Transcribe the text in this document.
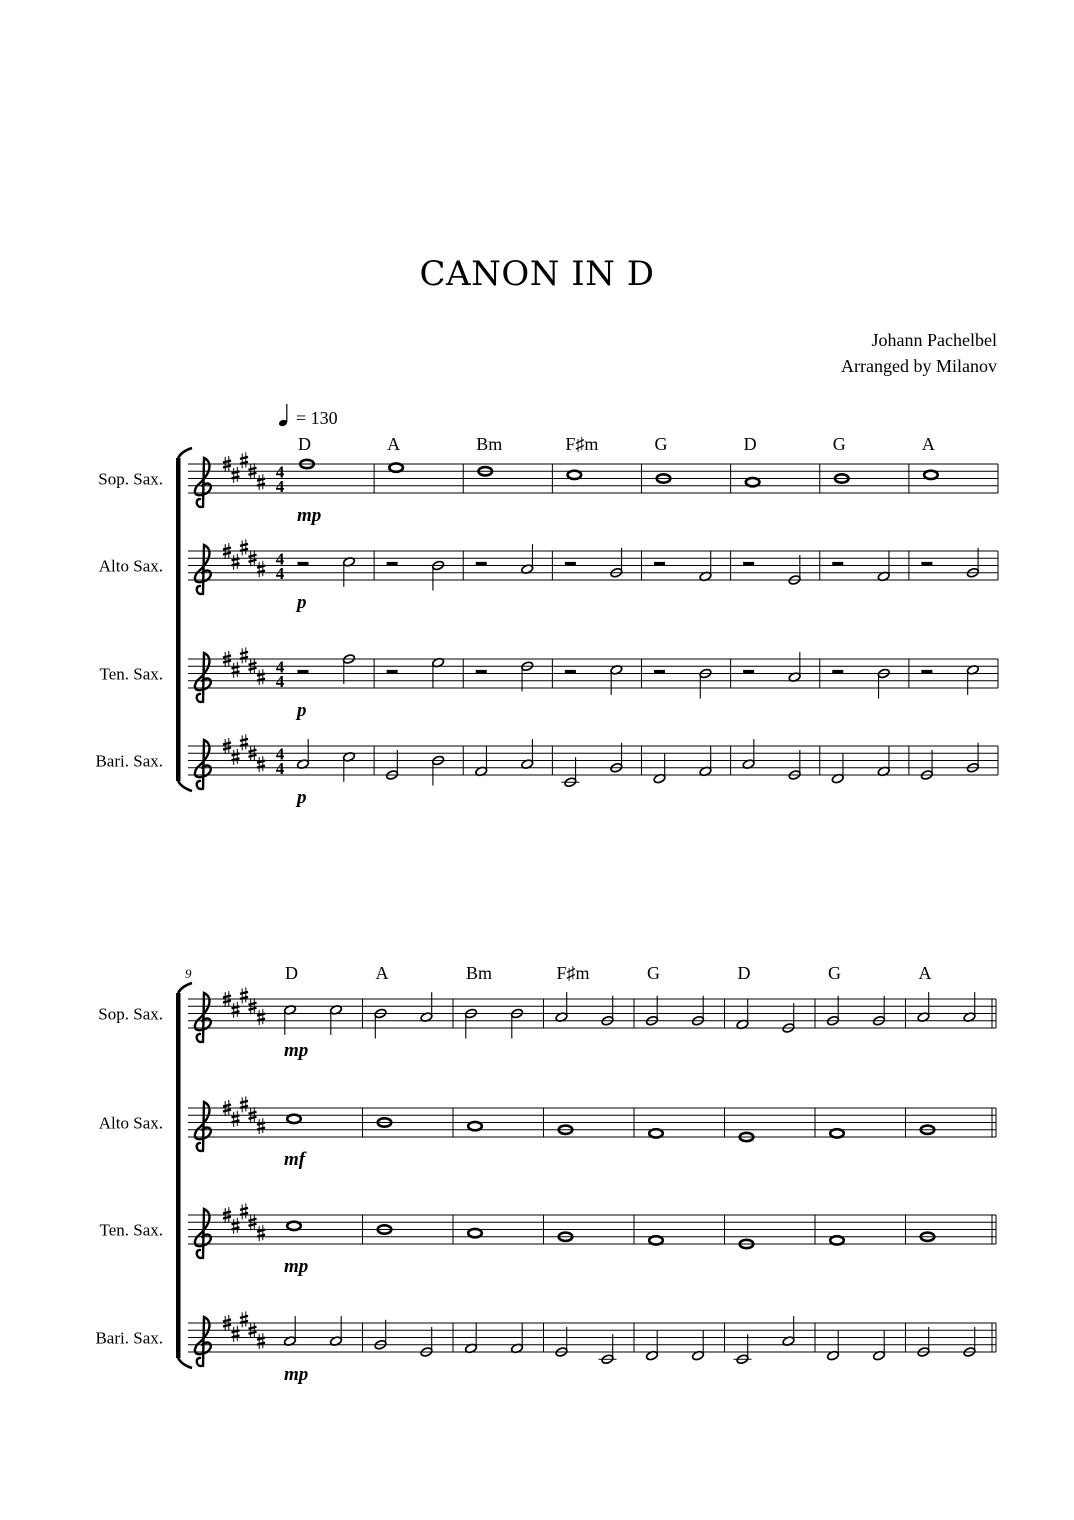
CANON IN D
Johann Pachelbel
Arranged by Milanov
= 130
D	A	Bm	F♯m	G	D	G	A
Sop. Sax.	4
4
mp
Alto Sax.	4
4
p
Ten. Sax.	4
4
p
Bari. Sax.	4
4
p
9	D	A	Bm	F♯m	G	D	G	A
Sop. Sax.
mp
Alto Sax.
mf
Ten. Sax.
mp
Bari. Sax.
mp
